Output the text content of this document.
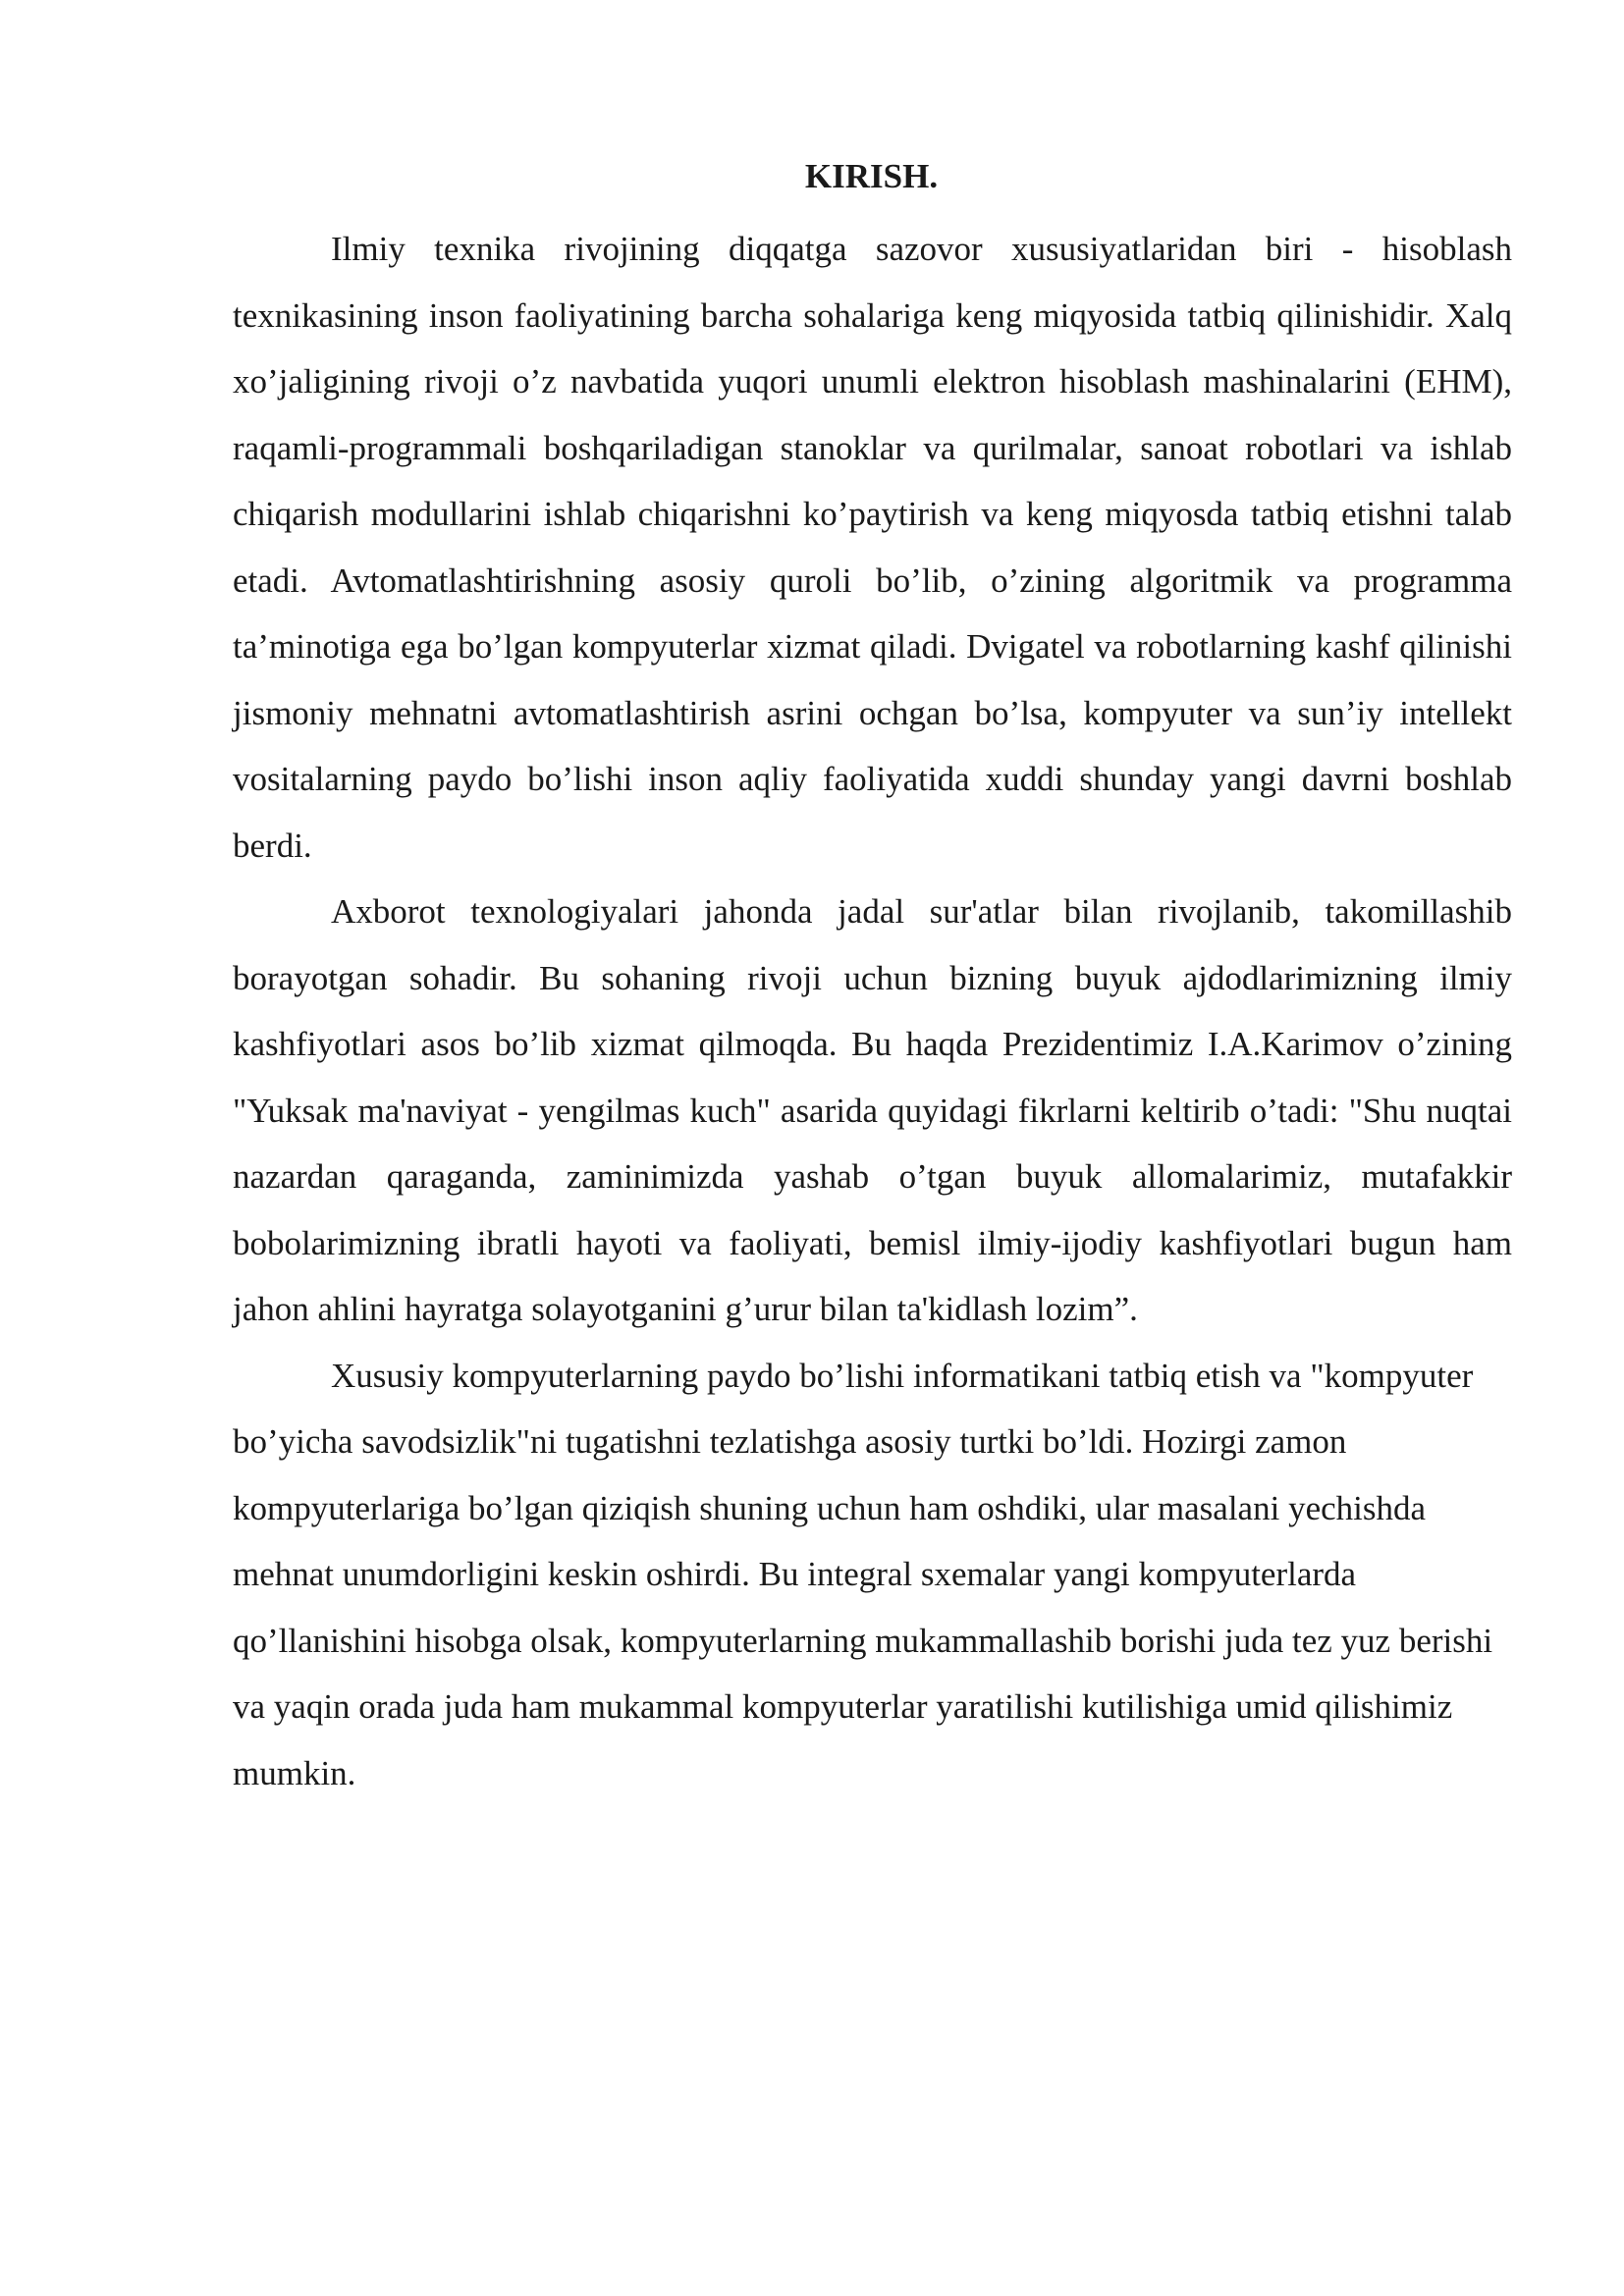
KIRISH.

Ilmiy texnika rivojining diqqatga sazovor xususiyatlaridan biri - hisoblash texnikasining inson faoliyatining barcha sohalariga keng miqyosida tatbiq qilinishidir. Xalq xo’jaligining rivoji o’z navbatida yuqori unumli elektron hisoblash mashinalarini (EHM), raqamli-programmali boshqariladigan stanoklar va qurilmalar, sanoat robotlari va ishlab chiqarish modullarini ishlab chiqarishni ko’paytirish va keng miqyosda tatbiq etishni talab etadi. Avtomatlashtirishning asosiy quroli bo’lib, o’zining algoritmik va programma ta’minotiga ega bo’lgan kompyuterlar xizmat qiladi. Dvigatel va robotlarning kashf qilinishi jismoniy mehnatni avtomatlashtirish asrini ochgan bo’lsa, kompyuter va sun’iy intellekt vositalarning paydo bo’lishi inson aqliy faoliyatida xuddi shunday yangi davrni boshlab berdi.

Axborot texnologiyalari jahonda jadal sur'atlar bilan rivojlanib, takomillashib borayotgan sohadir. Bu sohaning rivoji uchun bizning buyuk ajdodlarimizning ilmiy kashfiyotlari asos bo’lib xizmat qilmoqda. Bu haqda Prezidentimiz I.A.Karimov o’zining "Yuksak ma'naviyat - yengilmas kuch" asarida quyidagi fikrlarni keltirib o’tadi: "Shu nuqtai nazardan qaraganda, zaminimizda yashab o’tgan buyuk allomalarimiz, mutafakkir bobolarimizning ibratli hayoti va faoliyati, bemisl ilmiy-ijodiy kashfiyotlari bugun ham jahon ahlini hayratga solayotganini g’urur bilan ta'kidlash lozim”.

Xususiy kompyuterlarning paydo bo’lishi informatikani tatbiq etish va "kompyuter bo’yicha savodsizlik"ni tugatishni tezlatishga asosiy turtki bo’ldi. Hozirgi zamon kompyuterlariga bo’lgan qiziqish shuning uchun ham oshdiki, ular masalani yechishda mehnat unumdorligini keskin oshirdi. Bu integral sxemalar yangi kompyuterlarda qo’llanishini hisobga olsak, kompyuterlarning mukammallashib borishi juda tez yuz berishi va yaqin orada juda ham mukammal kompyuterlar yaratilishi kutilishiga umid qilishimiz mumkin.
